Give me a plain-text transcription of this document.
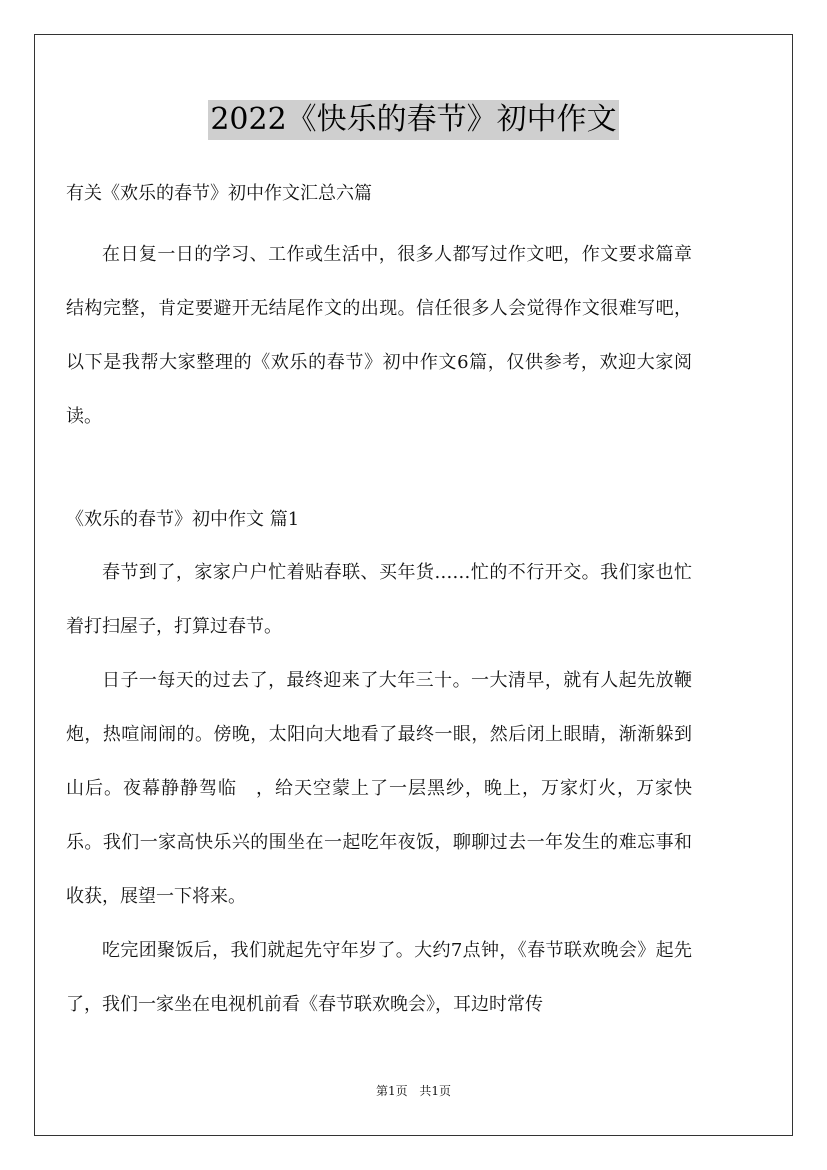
2022《快乐的春节》初中作文
有关《欢乐的春节》初中作文汇总六篇
在日复一日的学习、工作或生活中，很多人都写过作文吧，作文要求篇章结构完整，肯定要避开无结尾作文的出现。信任很多人会觉得作文很难写吧，以下是我帮大家整理的《欢乐的春节》初中作文6篇，仅供参考，欢迎大家阅读。
《欢乐的春节》初中作文 篇1
春节到了，家家户户忙着贴春联、买年货……忙的不行开交。我们家也忙着打扫屋子，打算过春节。
日子一每天的过去了，最终迎来了大年三十。一大清早，就有人起先放鞭炮，热喧闹闹的。傍晚，太阳向大地看了最终一眼，然后闭上眼睛，渐渐躲到山后。夜幕静静驾临　，给天空蒙上了一层黑纱，晚上，万家灯火，万家快乐。我们一家高快乐兴的围坐在一起吃年夜饭，聊聊过去一年发生的难忘事和收获，展望一下将来。
吃完团聚饭后，我们就起先守年岁了。大约7点钟，《春节联欢晚会》起先了，我们一家坐在电视机前看《春节联欢晚会》，耳边时常传
第1页 共1页
